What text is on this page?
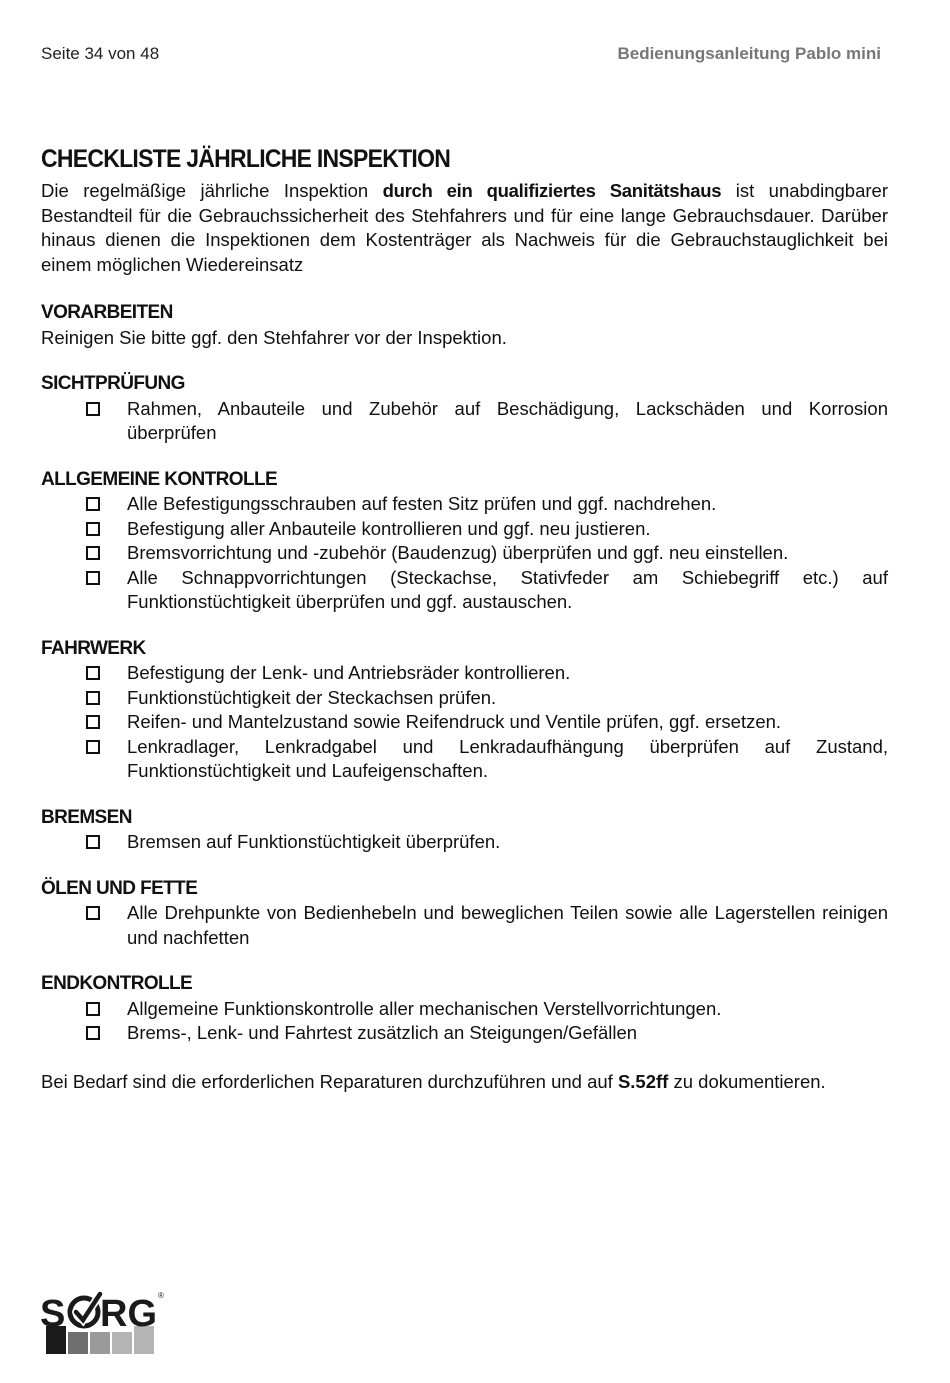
Seite 34 von 48	Bedienungsanleitung Pablo mini
CHECKLISTE JÄHRLICHE INSPEKTION

Die regelmäßige jährliche Inspektion durch ein qualifiziertes Sanitätshaus ist unabdingbarer Bestandteil für die Gebrauchssicherheit des Stehfahrers und für eine lange Gebrauchsdauer. Darüber hinaus dienen die Inspektionen dem Kostenträger als Nachweis für die Gebrauchstauglichkeit bei einem möglichen Wiedereinsatz

VORARBEITEN

Reinigen Sie bitte ggf. den Stehfahrer vor der Inspektion.

SICHTPRÜFUNG
Rahmen, Anbauteile und Zubehör auf Beschädigung, Lackschäden und Korrosion überprüfen
ALLGEMEINE KONTROLLE
Alle Befestigungsschrauben auf festen Sitz prüfen und ggf. nachdrehen.
Befestigung aller Anbauteile kontrollieren und ggf. neu justieren.
Bremsvorrichtung und -zubehör (Baudenzug) überprüfen und ggf. neu einstellen.
Alle Schnappvorrichtungen (Steckachse, Stativfeder am Schiebegriff etc.) auf Funktionstüchtigkeit überprüfen und ggf. austauschen.
FAHRWERK
Befestigung der Lenk- und Antriebsräder kontrollieren.
Funktionstüchtigkeit der Steckachsen prüfen.
Reifen- und Mantelzustand sowie Reifendruck und Ventile prüfen, ggf. ersetzen.
Lenkradlager, Lenkradgabel und Lenkradaufhängung überprüfen auf Zustand, Funktionstüchtigkeit und Laufeigenschaften.
BREMSEN
Bremsen auf Funktionstüchtigkeit überprüfen.
ÖLEN UND FETTE
Alle Drehpunkte von Bedienhebeln und beweglichen Teilen sowie alle Lagerstellen reinigen und nachfetten
ENDKONTROLLE
Allgemeine Funktionskontrolle aller mechanischen Verstellvorrichtungen.
Brems-, Lenk- und Fahrtest zusätzlich an Steigungen/Gefällen

Bei Bedarf sind die erforderlichen Reparaturen durchzuführen und auf S.52ff zu dokumentieren.

S RG ®
